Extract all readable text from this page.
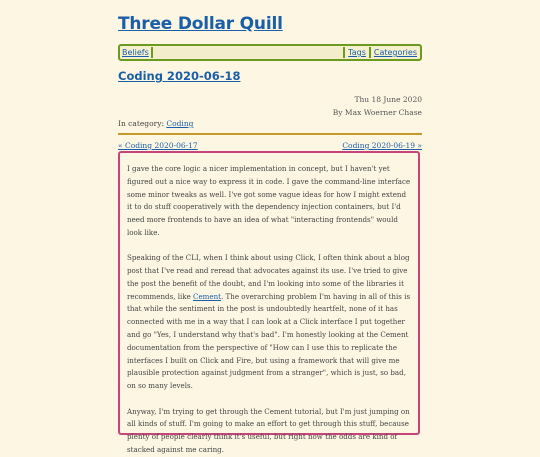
Three Dollar Quill
Beliefs	Tags	Categories
Coding 2020-06-18
Thu 18 June 2020
By Max Woerner Chase
In category: Coding
« Coding 2020-06-17	Coding 2020-06-19 »

I gave the core logic a nicer implementation in concept, but I haven't yet figured out a nice way to express it in code. I gave the command-line interface some minor tweaks as well. I've got some vague ideas for how I might extend it to do stuff cooperatively with the dependency injection containers, but I'd need more frontends to have an idea of what "interacting frontends" would look like.

Speaking of the CLI, when I think about using Click, I often think about a blog post that I've read and reread that advocates against its use. I've tried to give the post the benefit of the doubt, and I'm looking into some of the libraries it recommends, like Cement. The overarching problem I'm having in all of this is that while the sentiment in the post is undoubtedly heartfelt, none of it has connected with me in a way that I can look at a Click interface I put together and go "Yes, I understand why that's bad". I'm honestly looking at the Cement documentation from the perspective of "How can I use this to replicate the interfaces I built on Click and Fire, but using a framework that will give me plausible protection against judgment from a stranger", which is just, so bad, on so many levels.

Anyway, I'm trying to get through the Cement tutorial, but I'm just jumping on all kinds of stuff. I'm going to make an effort to get through this stuff, because plenty of people clearly think it's useful, but right now the odds are kind of stacked against me caring.
